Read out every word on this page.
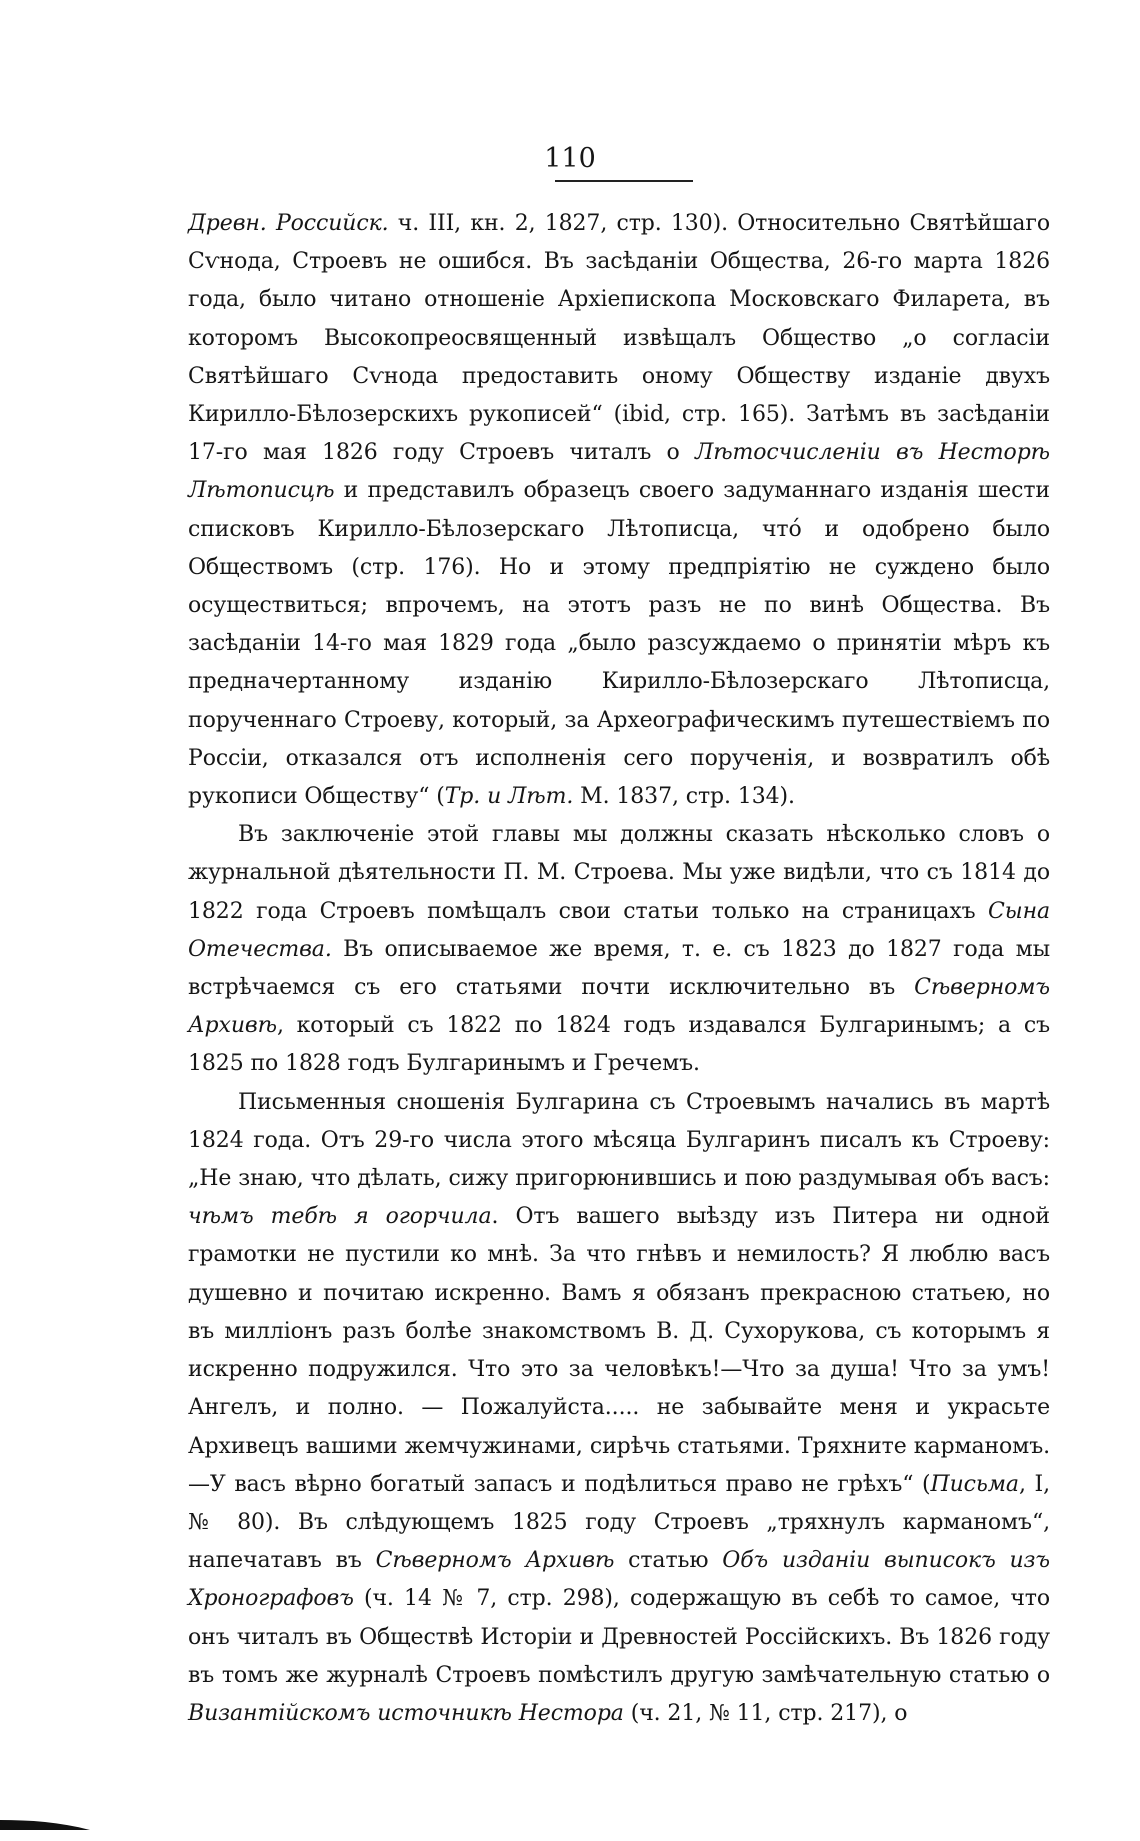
110

Древн. Российск. ч. III, кн. 2, 1827, стр. 130). Относительно Святѣйшаго Сѵнода, Строевъ не ошибся. Въ засѣданіи Общества, 26-го марта 1826 года, было читано отношеніе Архіепископа Московскаго Филарета, въ которомъ Высокопреосвященный извѣщалъ Общество „о согласіи Святѣйшаго Сѵнода предоставить оному Обществу изданіе двухъ Кирилло-Бѣлозерскихъ рукописей“ (ibid, стр. 165). Затѣмъ въ засѣданіи 17-го мая 1826 году Строевъ читалъ о Лѣтосчисленіи въ Несторѣ Лѣтописцѣ и представилъ образецъ своего задуманнаго изданія шести списковъ Кирилло-Бѣлозерскаго Лѣтописца, что́ и одобрено было Обществомъ (стр. 176). Но и этому предпріятію не суждено было осуществиться; впрочемъ, на этотъ разъ не по винѣ Общества. Въ засѣданіи 14-го мая 1829 года „было разсуждаемо о принятіи мѣръ къ предначертанному изданію Кирилло-Бѣлозерскаго Лѣтописца, порученнаго Строеву, который, за Археографическимъ путешествіемъ по Россіи, отказался отъ исполненія сего порученія, и возвратилъ обѣ рукописи Обществу“ (Тр. и Лѣт. М. 1837, стр. 134).

Въ заключеніе этой главы мы должны сказать нѣсколько словъ о журнальной дѣятельности П. М. Строева. Мы уже видѣли, что съ 1814 до 1822 года Строевъ помѣщалъ свои статьи только на страницахъ Сына Отечества. Въ описываемое же время, т. е. съ 1823 до 1827 года мы встрѣчаемся съ его статьями почти исключительно въ Сѣверномъ Архивѣ, который съ 1822 по 1824 годъ издавался Булгаринымъ; а съ 1825 по 1828 годъ Булгаринымъ и Гречемъ.

Письменныя сношенія Булгарина съ Строевымъ начались въ мартѣ 1824 года. Отъ 29-го числа этого мѣсяца Булгаринъ писалъ къ Строеву: „Не знаю, что дѣлать, сижу пригорюнившись и пою раздумывая объ васъ: чѣмъ тебѣ я огорчила. Отъ вашего выѣзду изъ Питера ни одной грамотки не пустили ко мнѣ. За что гнѣвъ и немилость? Я люблю васъ душевно и почитаю искренно. Вамъ я обязанъ прекрасною статьею, но въ милліонъ разъ болѣе знакомствомъ В. Д. Сухорукова, съ которымъ я искренно подружился. Что это за человѣкъ!—Что за душа! Что за умъ! Ангелъ, и полно. — Пожалуйста..... не забывайте меня и украсьте Архивецъ вашими жемчужинами, сирѣчь статьями. Тряхните карманомъ.—У васъ вѣрно богатый запасъ и подѣлиться право не грѣхъ“ (Письма, I, № 80). Въ слѣдующемъ 1825 году Строевъ „тряхнулъ карманомъ“, напечатавъ въ Сѣверномъ Архивѣ статью Объ изданіи выписокъ изъ Хронографовъ (ч. 14 № 7, стр. 298), содержащую въ себѣ то самое, что онъ читалъ въ Обществѣ Исторіи и Древностей Россійскихъ. Въ 1826 году въ томъ же журналѣ Строевъ помѣстилъ другую замѣчательную статью о Византійскомъ источникѣ Нестора (ч. 21, № 11, стр. 217), о
